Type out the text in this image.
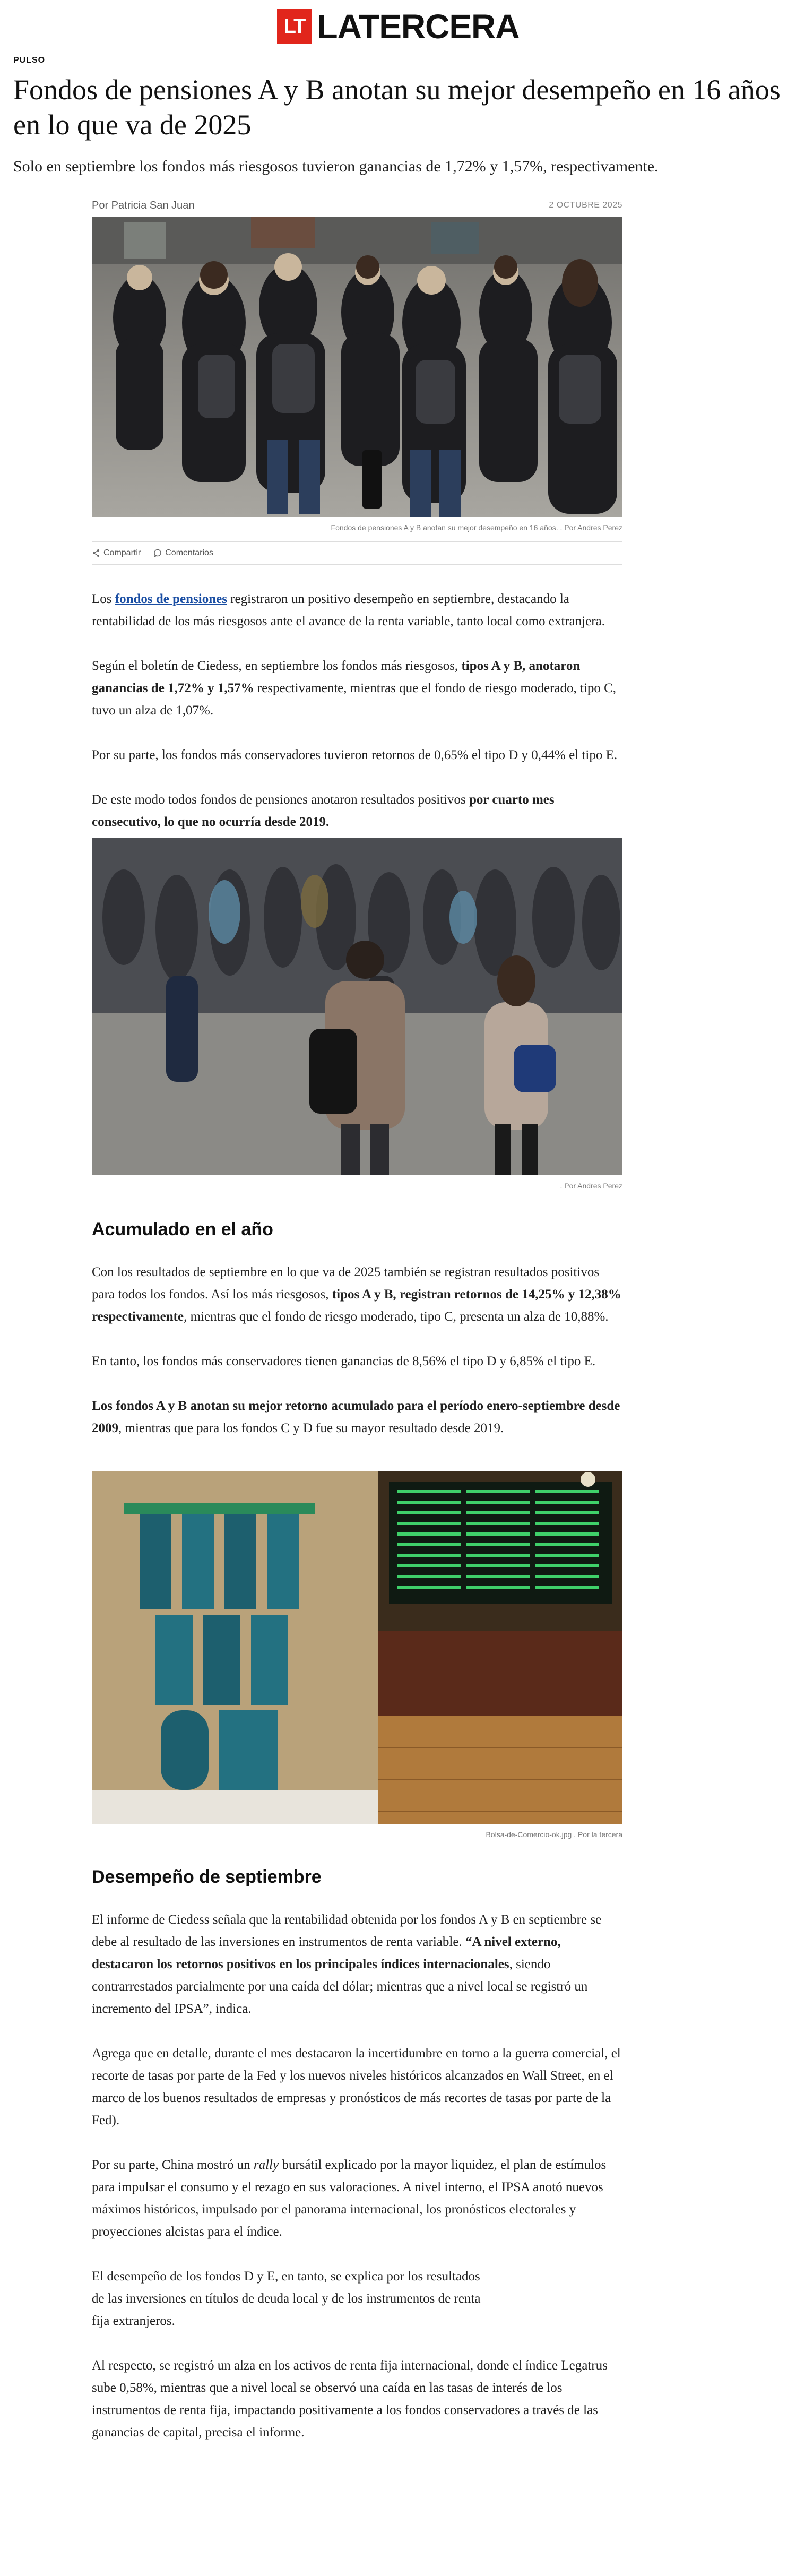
LT LATERCERA
PULSO
Fondos de pensiones A y B anotan su mejor desempeño en 16 años en lo que va de 2025

Solo en septiembre los fondos más riesgosos tuvieron ganancias de 1,72% y 1,57%, respectivamente.

Por Patricia San Juan	2 OCTUBRE 2025
Fondos de pensiones A y B anotan su mejor desempeño en 16 años. . Por Andres Perez
Compartir	Comentarios

Los fondos de pensiones registraron un positivo desempeño en septiembre, destacando la rentabilidad de los más riesgosos ante el avance de la renta variable, tanto local como extranjera.

Según el boletín de Ciedess, en septiembre los fondos más riesgosos, tipos A y B, anotaron ganancias de 1,72% y 1,57% respectivamente, mientras que el fondo de riesgo moderado, tipo C, tuvo un alza de 1,07%.

Por su parte, los fondos más conservadores tuvieron retornos de 0,65% el tipo D y 0,44% el tipo E.

De este modo todos fondos de pensiones anotaron resultados positivos por cuarto mes consecutivo, lo que no ocurría desde 2019.

. Por Andres Perez
Acumulado en el año

Con los resultados de septiembre en lo que va de 2025 también se registran resultados positivos para todos los fondos. Así los más riesgosos, tipos A y B, registran retornos de 14,25% y 12,38% respectivamente, mientras que el fondo de riesgo moderado, tipo C, presenta un alza de 10,88%.

En tanto, los fondos más conservadores tienen ganancias de 8,56% el tipo D y 6,85% el tipo E.

Los fondos A y B anotan su mejor retorno acumulado para el período enero-septiembre desde 2009, mientras que para los fondos C y D fue su mayor resultado desde 2019.

Bolsa-de-Comercio-ok.jpg . Por la tercera
Desempeño de septiembre

El informe de Ciedess señala que la rentabilidad obtenida por los fondos A y B en septiembre se debe al resultado de las inversiones en instrumentos de renta variable. “A nivel externo, destacaron los retornos positivos en los principales índices internacionales, siendo contrarrestados parcialmente por una caída del dólar; mientras que a nivel local se registró un incremento del IPSA”, indica.

Agrega que en detalle, durante el mes destacaron la incertidumbre en torno a la guerra comercial, el recorte de tasas por parte de la Fed y los nuevos niveles históricos alcanzados en Wall Street, en el marco de los buenos resultados de empresas y pronósticos de más recortes de tasas por parte de la Fed).

Por su parte, China mostró un rally bursátil explicado por la mayor liquidez, el plan de estímulos para impulsar el consumo y el rezago en sus valoraciones. A nivel interno, el IPSA anotó nuevos máximos históricos, impulsado por el panorama internacional, los pronósticos electorales y proyecciones alcistas para el índice.

El desempeño de los fondos D y E, en tanto, se explica por los resultados
de las inversiones en títulos de deuda local y de los instrumentos de renta
fija extranjeros.

Al respecto, se registró un alza en los activos de renta fija internacional, donde el índice Legatrus sube 0,58%, mientras que a nivel local se observó una caída en las tasas de interés de los instrumentos de renta fija, impactando positivamente a los fondos conservadores a través de las ganancias de capital, precisa el informe.
